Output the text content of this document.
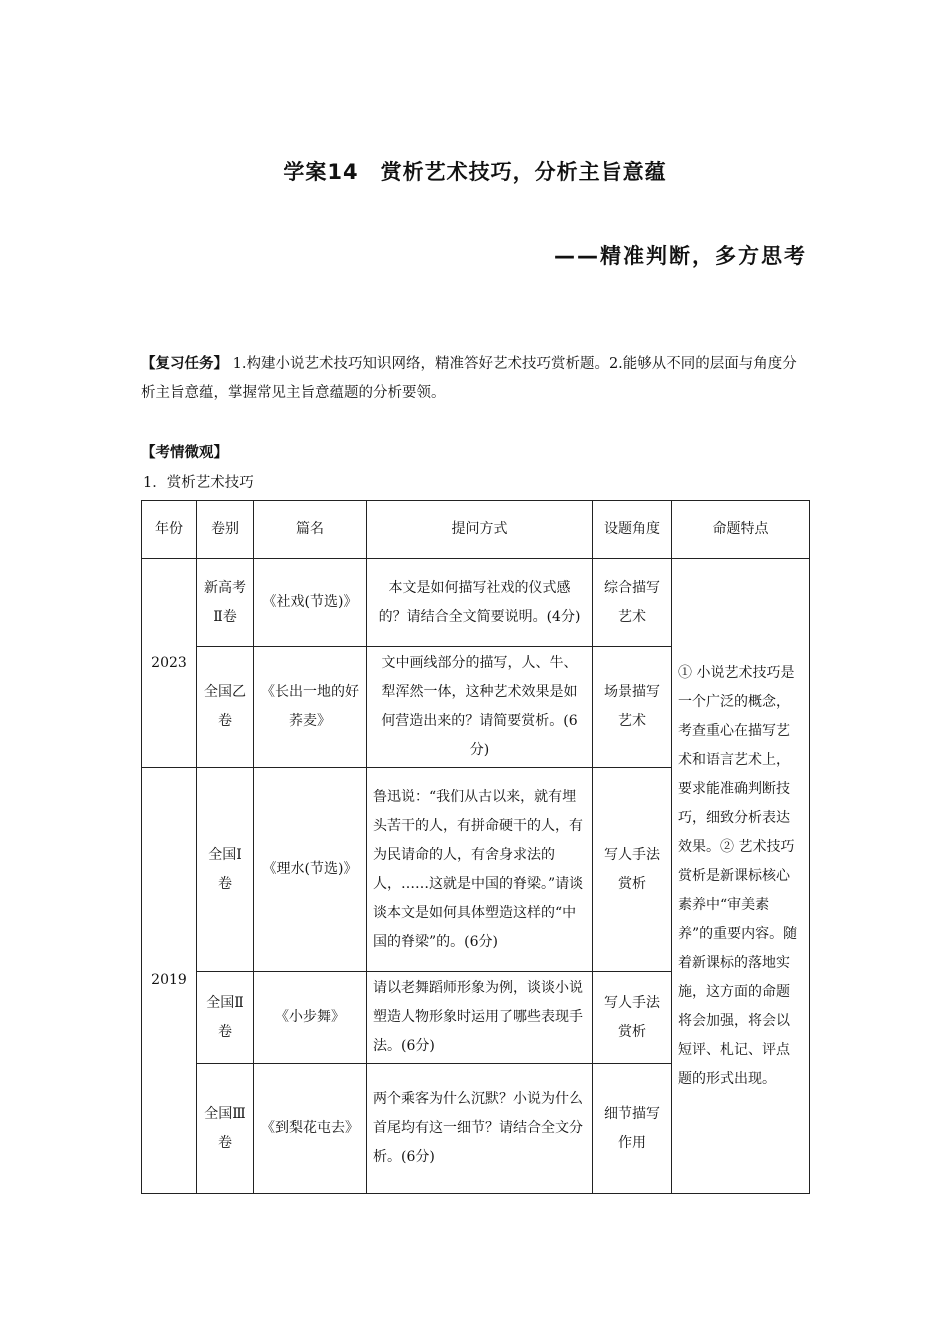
学案14　赏析艺术技巧，分析主旨意蕴
——精准判断，多方思考
【复习任务】 1.构建小说艺术技巧知识网络，精准答好艺术技巧赏析题。2.能够从不同的层面与角度分析主旨意蕴，掌握常见主旨意蕴题的分析要领。
【考情微观】
1．赏析艺术技巧
年份	卷别	篇名	提问方式	设题角度	命题特点
2023	新高考Ⅱ卷	《社戏(节选)》	本文是如何描写社戏的仪式感的？请结合全文简要说明。(4分)	综合描写艺术	① 小说艺术技巧是一个广泛的概念，考查重心在描写艺术和语言艺术上，要求能准确判断技巧，细致分析表达效果。② 艺术技巧赏析是新课标核心素养中“审美素养”的重要内容。随着新课标的落地实施，这方面的命题将会加强，将会以短评、札记、评点题的形式出现。
	全国乙卷	《长出一地的好荞麦》	文中画线部分的描写，人、牛、犁浑然一体，这种艺术效果是如何营造出来的？请简要赏析。(6分)	场景描写艺术	
2019	全国Ⅰ卷	《理水(节选)》	鲁迅说：“我们从古以来，就有埋头苦干的人，有拼命硬干的人，有为民请命的人，有舍身求法的人，……这就是中国的脊梁。”请谈谈本文是如何具体塑造这样的“中国的脊梁”的。(6分)	写人手法赏析	
	全国Ⅱ卷	《小步舞》	请以老舞蹈师形象为例，谈谈小说塑造人物形象时运用了哪些表现手法。(6分)	写人手法赏析	
	全国Ⅲ卷	《到梨花屯去》	两个乘客为什么沉默？小说为什么首尾均有这一细节？请结合全文分析。(6分)	细节描写作用	
